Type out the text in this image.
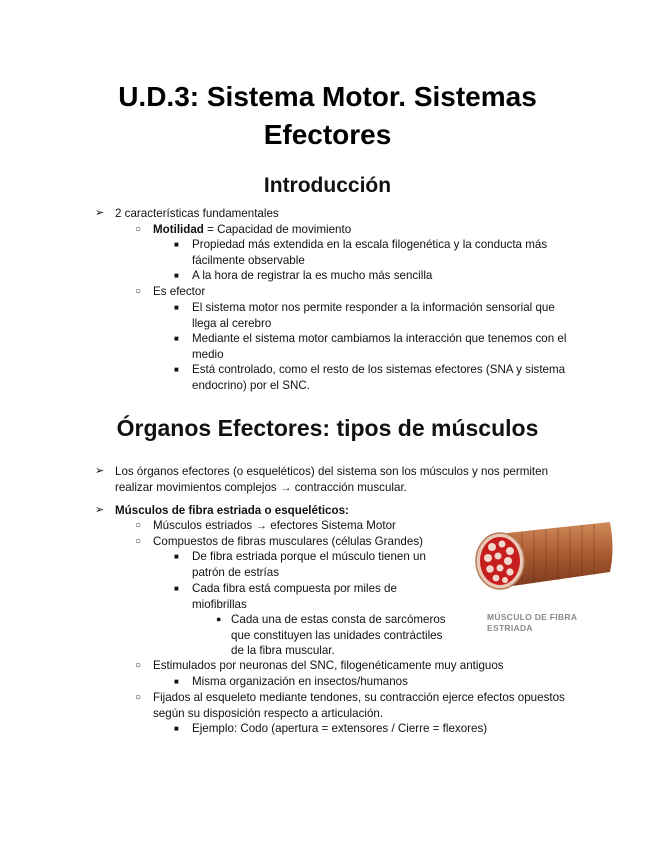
U.D.3: Sistema Motor. Sistemas
Efectores
Introducción
➢ 2 características fundamentales
○ Motilidad = Capacidad de movimiento
■ Propiedad más extendida en la escala filogenética y la conducta más
fácilmente observable
■ A la hora de registrar la es mucho más sencilla
○ Es efector
■ El sistema motor nos permite responder a la información sensorial que
llega al cerebro
■ Mediante el sistema motor cambiamos la interacción que tenemos con el
medio
■ Está controlado, como el resto de los sistemas efectores (SNA y sistema
endocrino) por el SNC.
Órganos Efectores: tipos de músculos
➢ Los órganos efectores (o esqueléticos) del sistema son los músculos y nos permiten
realizar movimientos complejos → contracción muscular.
➢ Músculos de fibra estriada o esqueléticos:
○ Músculos estriados → efectores Sistema Motor
○ Compuestos de fibras musculares (células Grandes)
■ De fibra estriada porque el músculo tienen un
patrón de estrías
■ Cada fibra está compuesta por miles de
miofibrillas
● Cada una de estas consta de sarcómeros
que constituyen las unidades contráctiles
de la fibra muscular.
○ Estimulados por neuronas del SNC, filogenéticamente muy antiguos
■ Misma organización en insectos/humanos
○ Fijados al esqueleto mediante tendones, su contracción ejerce efectos opuestos
según su disposición respecto a articulación.
■ Ejemplo: Codo (apertura = extensores / Cierre = flexores)
MÚSCULO DE FIBRA
ESTRIADA
